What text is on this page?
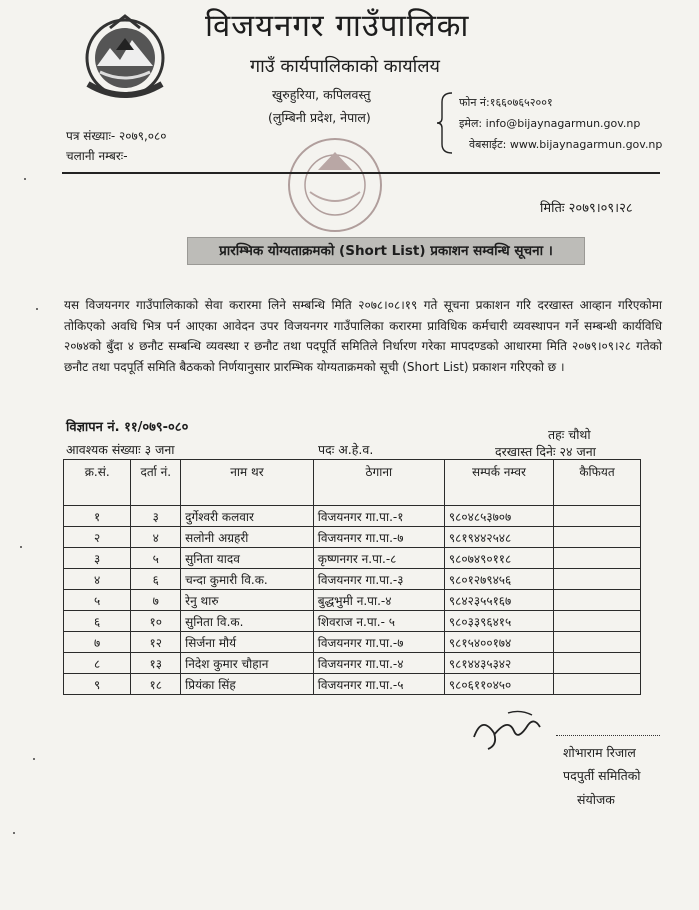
विजयनगर गाउँपालिका
गाउँ कार्यपालिकाको कार्यालय
खुरुहुरिया, कपिलवस्तु
(लुम्बिनी प्रदेश, नेपाल)
फोन नं:१६६०७६५२००१
इमेल: info@bijaynagarmun.gov.np
वेबसाईट: www.bijaynagarmun.gov.np
पत्र संख्याः- २०७९,०८०
चलानी नम्बरः-
मितिः २०७९।०९।२८
प्रारम्भिक योग्यताक्रमको (Short List) प्रकाशन सम्वन्धि सूचना ।
यस विजयनगर गाउँपालिकाको सेवा करारमा लिने सम्बन्धि मिति २०७८।०८।१९ गते सूचना प्रकाशन गरि दरखास्त आव्हान गरिएकोमा तोकिएको अवधि भित्र पर्न आएका आवेदन उपर विजयनगर गाउँपालिका करारमा प्राविधिक कर्मचारी व्यवस्थापन गर्ने सम्बन्धी कार्यविधि २०७४को बुँदा ४ छनौट सम्बन्धि व्यवस्था र छनौट तथा पदपूर्ति समितिले निर्धारण गरेका मापदण्डको आधारमा मिति २०७९।०९।२८ गतेको छनौट तथा पदपूर्ति समिति बैठकको निर्णयानुसार प्रारम्भिक योग्यताक्रमको सूची (Short List) प्रकाशन गरिएको छ ।
विज्ञापन नं. ११/०७९-०८०	तहः चौथो
आवश्यक संख्याः ३ जना	पदः अ.हे.व.	दरखास्त दिनेः २४ जना
क्र.सं.	दर्ता नं.	नाम थर	ठेगाना	सम्पर्क नम्वर	कैफियत
१	३	दुर्गेश्वरी कलवार	विजयनगर गा.पा.-१	९८०४८५३७०७	
२	४	सलोनी अग्रहरी	विजयनगर गा.पा.-७	९८१९४४२५४८	
३	५	सुनिता यादव	कृष्णनगर न.पा.-८	९८०७४९०११८	
४	६	चन्दा कुमारी वि.क.	विजयनगर गा.पा.-३	९८०१२७९४५६	
५	७	रेनु थारु	बुद्धभुमी न.पा.-४	९८४२३५५१६७	
६	१०	सुनिता वि.क.	शिवराज न.पा.- ५	९८०३३९६४१५	
७	१२	सिर्जना मौर्य	विजयनगर गा.पा.-७	९८१५४००१७४	
८	१३	निदेश कुमार चौहान	विजयनगर गा.पा.-४	९८१४४३५३४२	
९	१८	प्रियंका सिंह	विजयनगर गा.पा.-५	९८०६११०४५०	
शोभाराम रिजाल
पदपुर्ती समितिको
संयोजक
